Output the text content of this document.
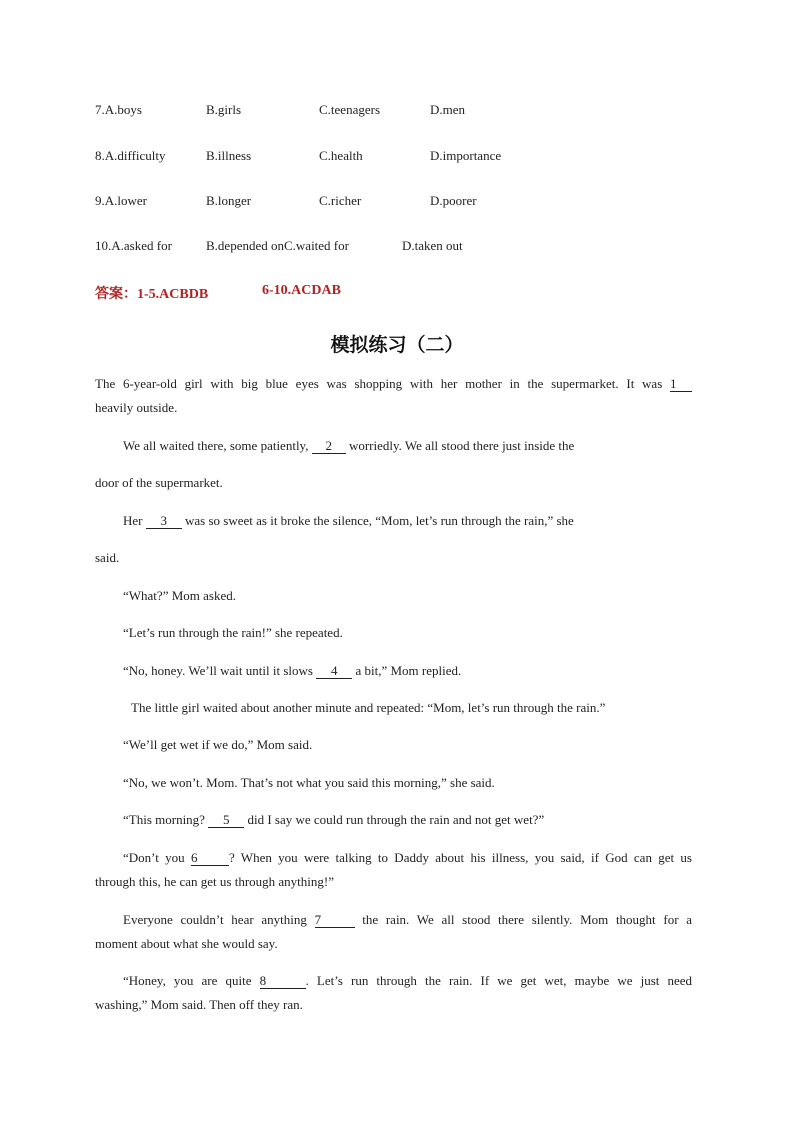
7.A.boys	B.girls	C.teenagers	D.men
8.A.difficulty	B.illness	C.health	D.importance
9.A.lower	B.longer	C.richer	D.poorer
10.A.asked for	B.depended onC.waited for	D.taken out
答案：1-5.ACBDB	6-10.ACDAB
模拟练习（二）
The 6-year-old girl with big blue eyes was shopping with her mother in the supermarket. It was 1
heavily outside.
We all waited there, some patiently, 2 worriedly. We all stood there just inside the
door of the supermarket.
Her 3 was so sweet as it broke the silence, “Mom, let’s run through the rain,” she
said.
“What?” Mom asked.
“Let’s run through the rain!” she repeated.
“No, honey. We’ll wait until it slows 4 a bit,” Mom replied.
The little girl waited about another minute and repeated: “Mom, let’s run through the rain.”
“We’ll get wet if we do,” Mom said.
“No, we won’t. Mom. That’s not what you said this morning,” she said.
“This morning? 5 did I say we could run through the rain and not get wet?”
“Don’t you 6 ? When you were talking to Daddy about his illness, you said, if God can get us
through this, he can get us through anything!”
Everyone couldn’t hear anything 7	the rain. We all stood there silently. Mom thought for a
moment about what she would say.
“Honey, you are quite 8	. Let’s run through the rain. If we get wet, maybe we just need
washing,” Mom said. Then off they ran.
